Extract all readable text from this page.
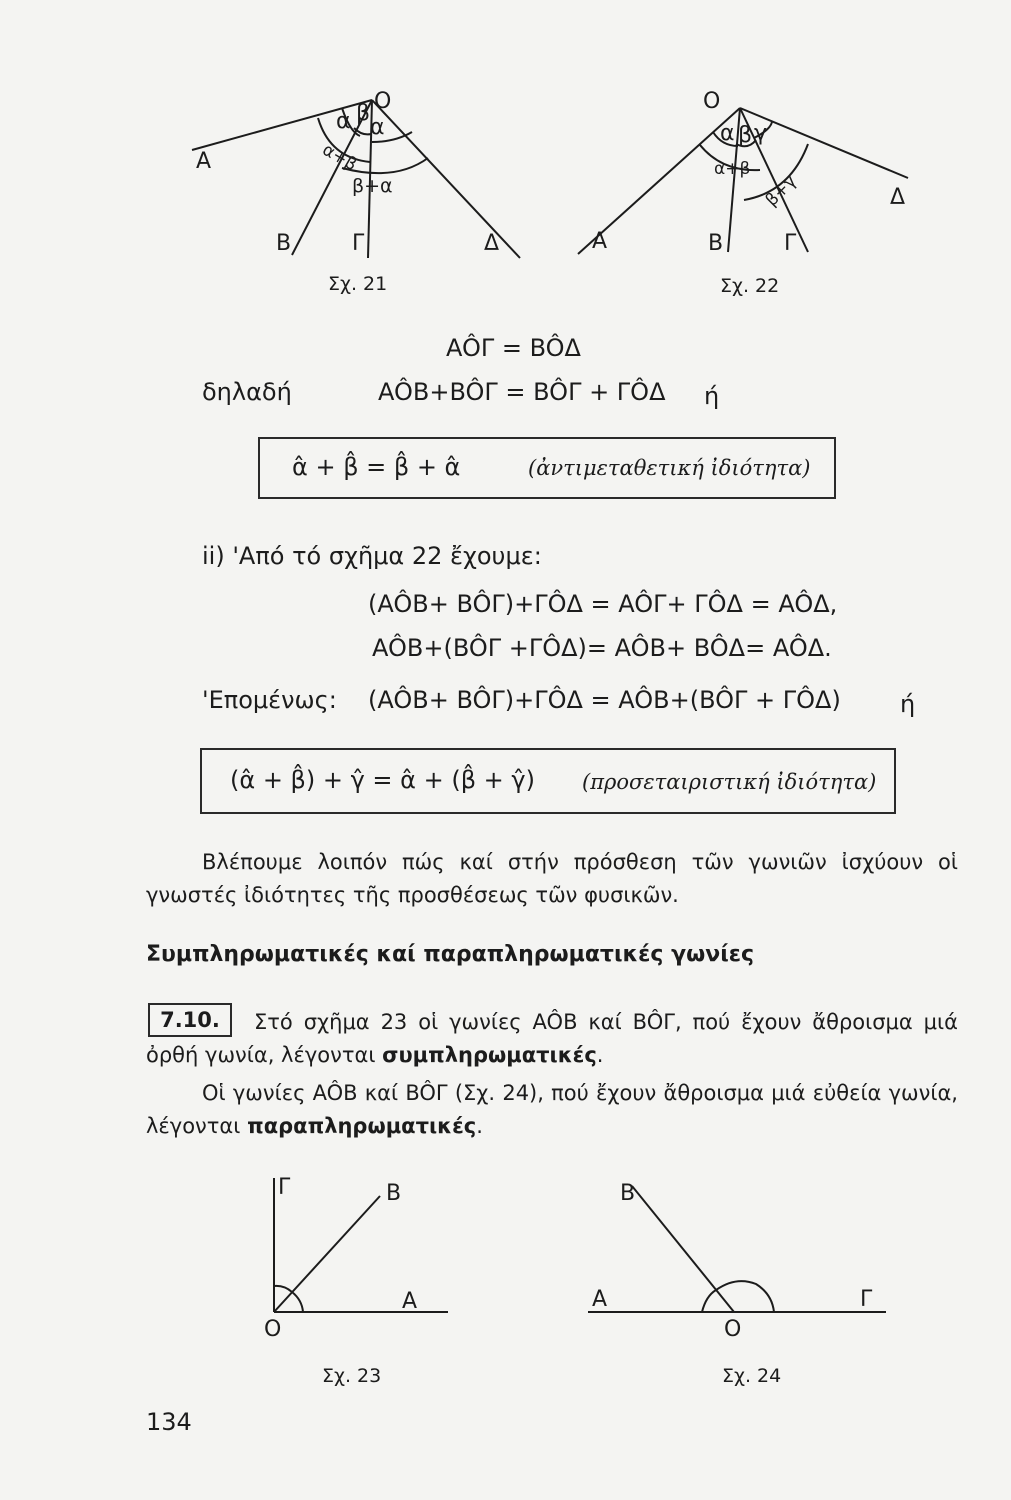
O
A
B	Γ	Δ
α β
α
α+β
β+α
Σχ. 21
O
A	B	Γ
Δ
α β γ
α+β
β+γ
Σχ. 22
AÔΓ = BÔΔ
δηλαδή	AÔB+BÔΓ = BÔΓ + ΓÔΔ ή
α̂ + β̂ = β̂ + α̂	(ἀντιμεταθετική ἰδιότητα)
ii) 'Από τό σχῆμα 22 ἔχουμε:
(AÔB+ BÔΓ)+ΓÔΔ = AÔΓ+ ΓÔΔ = AÔΔ,
AÔB+(BÔΓ +ΓÔΔ)= AÔB+ BÔΔ= AÔΔ.
'Επομένως: (AÔB+ BÔΓ)+ΓÔΔ = AÔB+(BÔΓ + ΓÔΔ) ή
(α̂ + β̂) + γ̂ = α̂ + (β̂ + γ̂) (προσεταιριστική ἰδιότητα)
Βλέπουμε λοιπόν πώς καί στήν πρόσθεση τῶν γωνιῶν ἰσχύουν οἱ γνωστές ἰδιότητες τῆς προσθέσεως τῶν φυσικῶν.
Συμπληρωματικές καί παραπληρωματικές γωνίες
7.10.	Στό σχῆμα 23 οἱ γωνίες AÔB καί BÔΓ, πού ἔχουν ἄθροισμα μιά ὀρθή γωνία, λέγονται συμπληρωματικές.
Οἱ γωνίες AÔB καί BÔΓ (Σχ. 24), πού ἔχουν ἄθροισμα μιά εὐθεία γωνία, λέγονται παραπληρωματικές.
Γ	B
A
O
Σχ. 23
B
A	Γ
O
Σχ. 24
134
